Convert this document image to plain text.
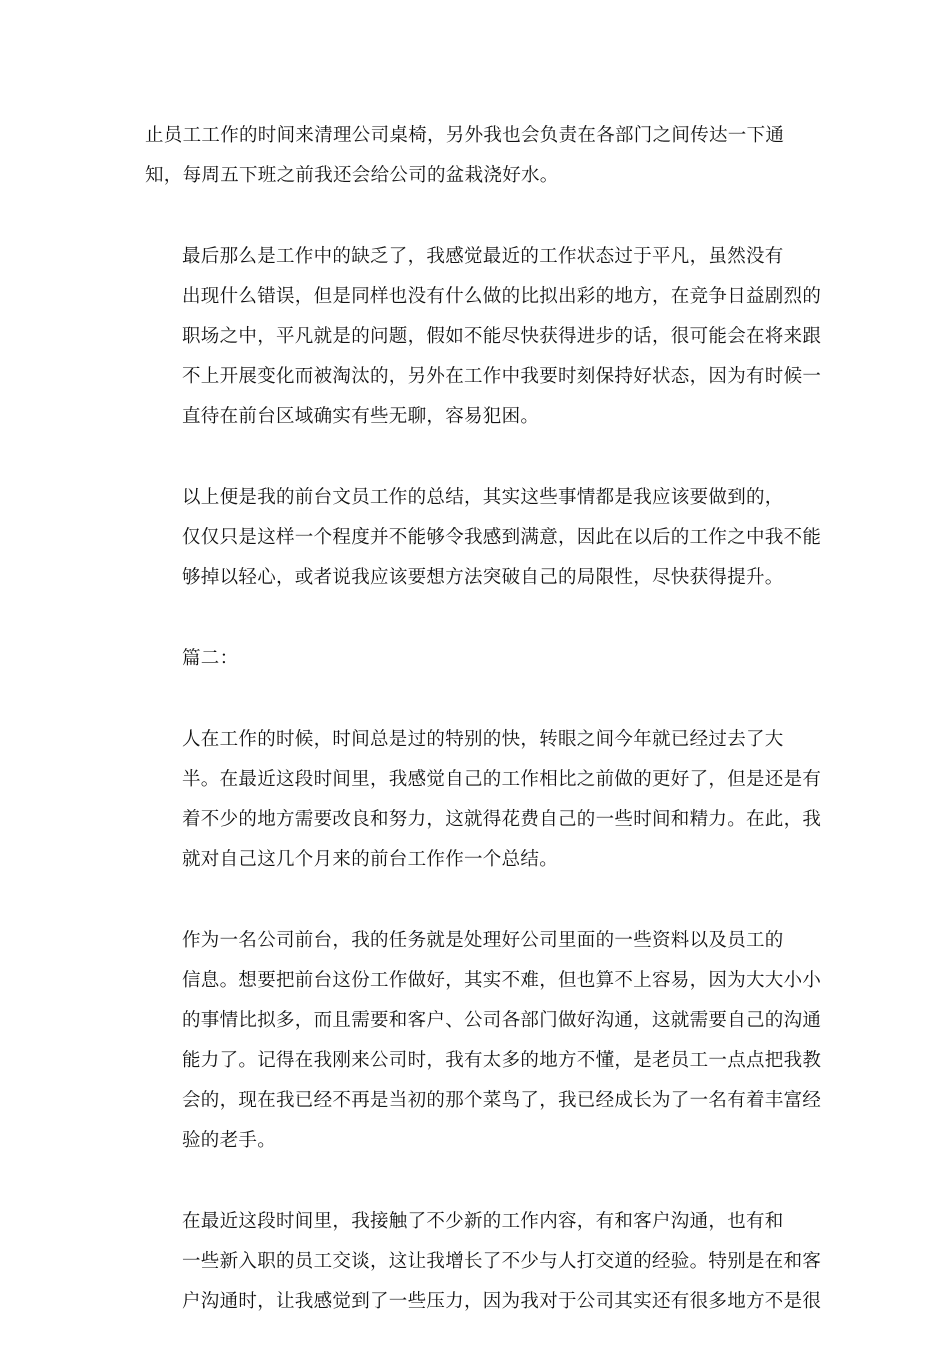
止员工工作的时间来清理公司桌椅，另外我也会负责在各部门之间传达一下通
知，每周五下班之前我还会给公司的盆栽浇好水。
最后那么是工作中的缺乏了，我感觉最近的工作状态过于平凡，虽然没有
出现什么错误，但是同样也没有什么做的比拟出彩的地方，在竞争日益剧烈的
职场之中，平凡就是的问题，假如不能尽快获得进步的话，很可能会在将来跟
不上开展变化而被淘汰的，另外在工作中我要时刻保持好状态，因为有时候一
直待在前台区域确实有些无聊，容易犯困。
以上便是我的前台文员工作的总结，其实这些事情都是我应该要做到的，
仅仅只是这样一个程度并不能够令我感到满意，因此在以后的工作之中我不能
够掉以轻心，或者说我应该要想方法突破自己的局限性，尽快获得提升。
篇二：
人在工作的时候，时间总是过的特别的快，转眼之间今年就已经过去了大
半。在最近这段时间里，我感觉自己的工作相比之前做的更好了，但是还是有
着不少的地方需要改良和努力，这就得花费自己的一些时间和精力。在此，我
就对自己这几个月来的前台工作作一个总结。
作为一名公司前台，我的任务就是处理好公司里面的一些资料以及员工的
信息。想要把前台这份工作做好，其实不难，但也算不上容易，因为大大小小
的事情比拟多，而且需要和客户、公司各部门做好沟通，这就需要自己的沟通
能力了。记得在我刚来公司时，我有太多的地方不懂，是老员工一点点把我教
会的，现在我已经不再是当初的那个菜鸟了，我已经成长为了一名有着丰富经
验的老手。
在最近这段时间里，我接触了不少新的工作内容，有和客户沟通，也有和
一些新入职的员工交谈，这让我增长了不少与人打交道的经验。特别是在和客
户沟通时，让我感觉到了一些压力，因为我对于公司其实还有很多地方不是很
